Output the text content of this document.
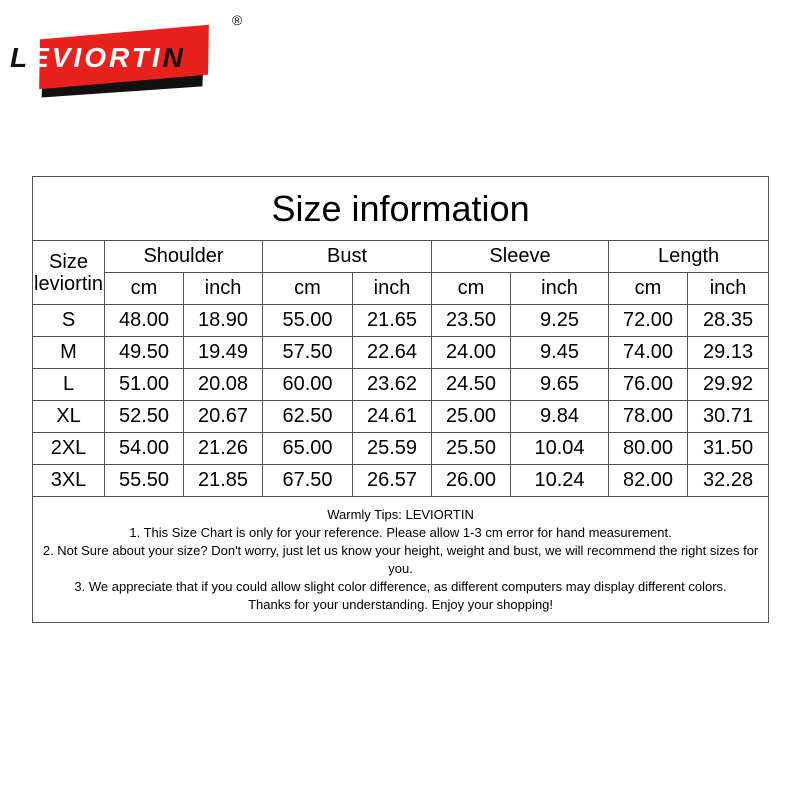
LEVIORTIN
®
Size information								

Size
leviortin	Shoulder		Bust		Sleeve		Length	
	cm	inch	cm	inch	cm	inch	cm	inch
S	48.00	18.90	55.00	21.65	23.50	9.25	72.00	28.35
M	49.50	19.49	57.50	22.64	24.00	9.45	74.00	29.13
L	51.00	20.08	60.00	23.62	24.50	9.65	76.00	29.92
XL	52.50	20.67	62.50	24.61	25.00	9.84	78.00	30.71
2XL	54.00	21.26	65.00	25.59	25.50	10.04	80.00	31.50
3XL	55.50	21.85	67.50	26.57	26.00	10.24	82.00	32.28

Warmly Tips: LEVIORTIN
1. This Size Chart is only for your reference. Please allow 1-3 cm error for hand measurement.
2. Not Sure about your size? Don't worry, just let us know your height, weight and bust, we will recommend the right sizes for you.
3. We appreciate that if you could allow slight color difference, as different computers may display different colors.
Thanks for your understanding. Enjoy your shopping!								
